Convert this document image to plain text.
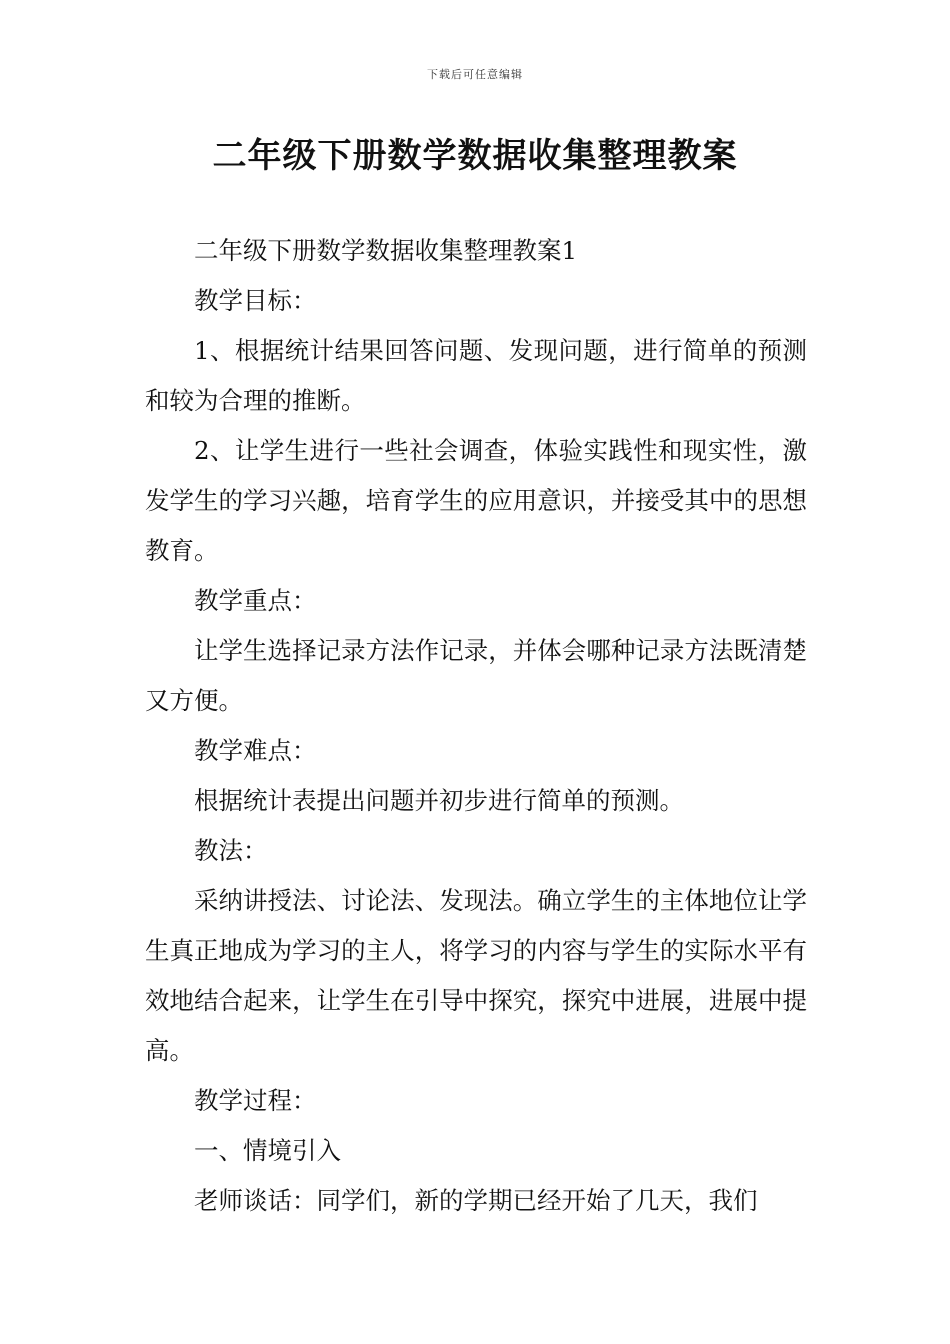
下载后可任意编辑
二年级下册数学数据收集整理教案

二年级下册数学数据收集整理教案1

教学目标：

1、根据统计结果回答问题、发现问题，进行简单的预测和较为合理的推断。

2、让学生进行一些社会调查，体验实践性和现实性，激发学生的学习兴趣，培育学生的应用意识，并接受其中的思想教育。

教学重点：

让学生选择记录方法作记录，并体会哪种记录方法既清楚又方便。

教学难点：

根据统计表提出问题并初步进行简单的预测。

教法：

采纳讲授法、讨论法、发现法。确立学生的主体地位让学生真正地成为学习的主人，将学习的内容与学生的实际水平有效地结合起来，让学生在引导中探究，探究中进展，进展中提高。

教学过程：

一、情境引入

老师谈话：同学们，新的学期已经开始了几天，我们
